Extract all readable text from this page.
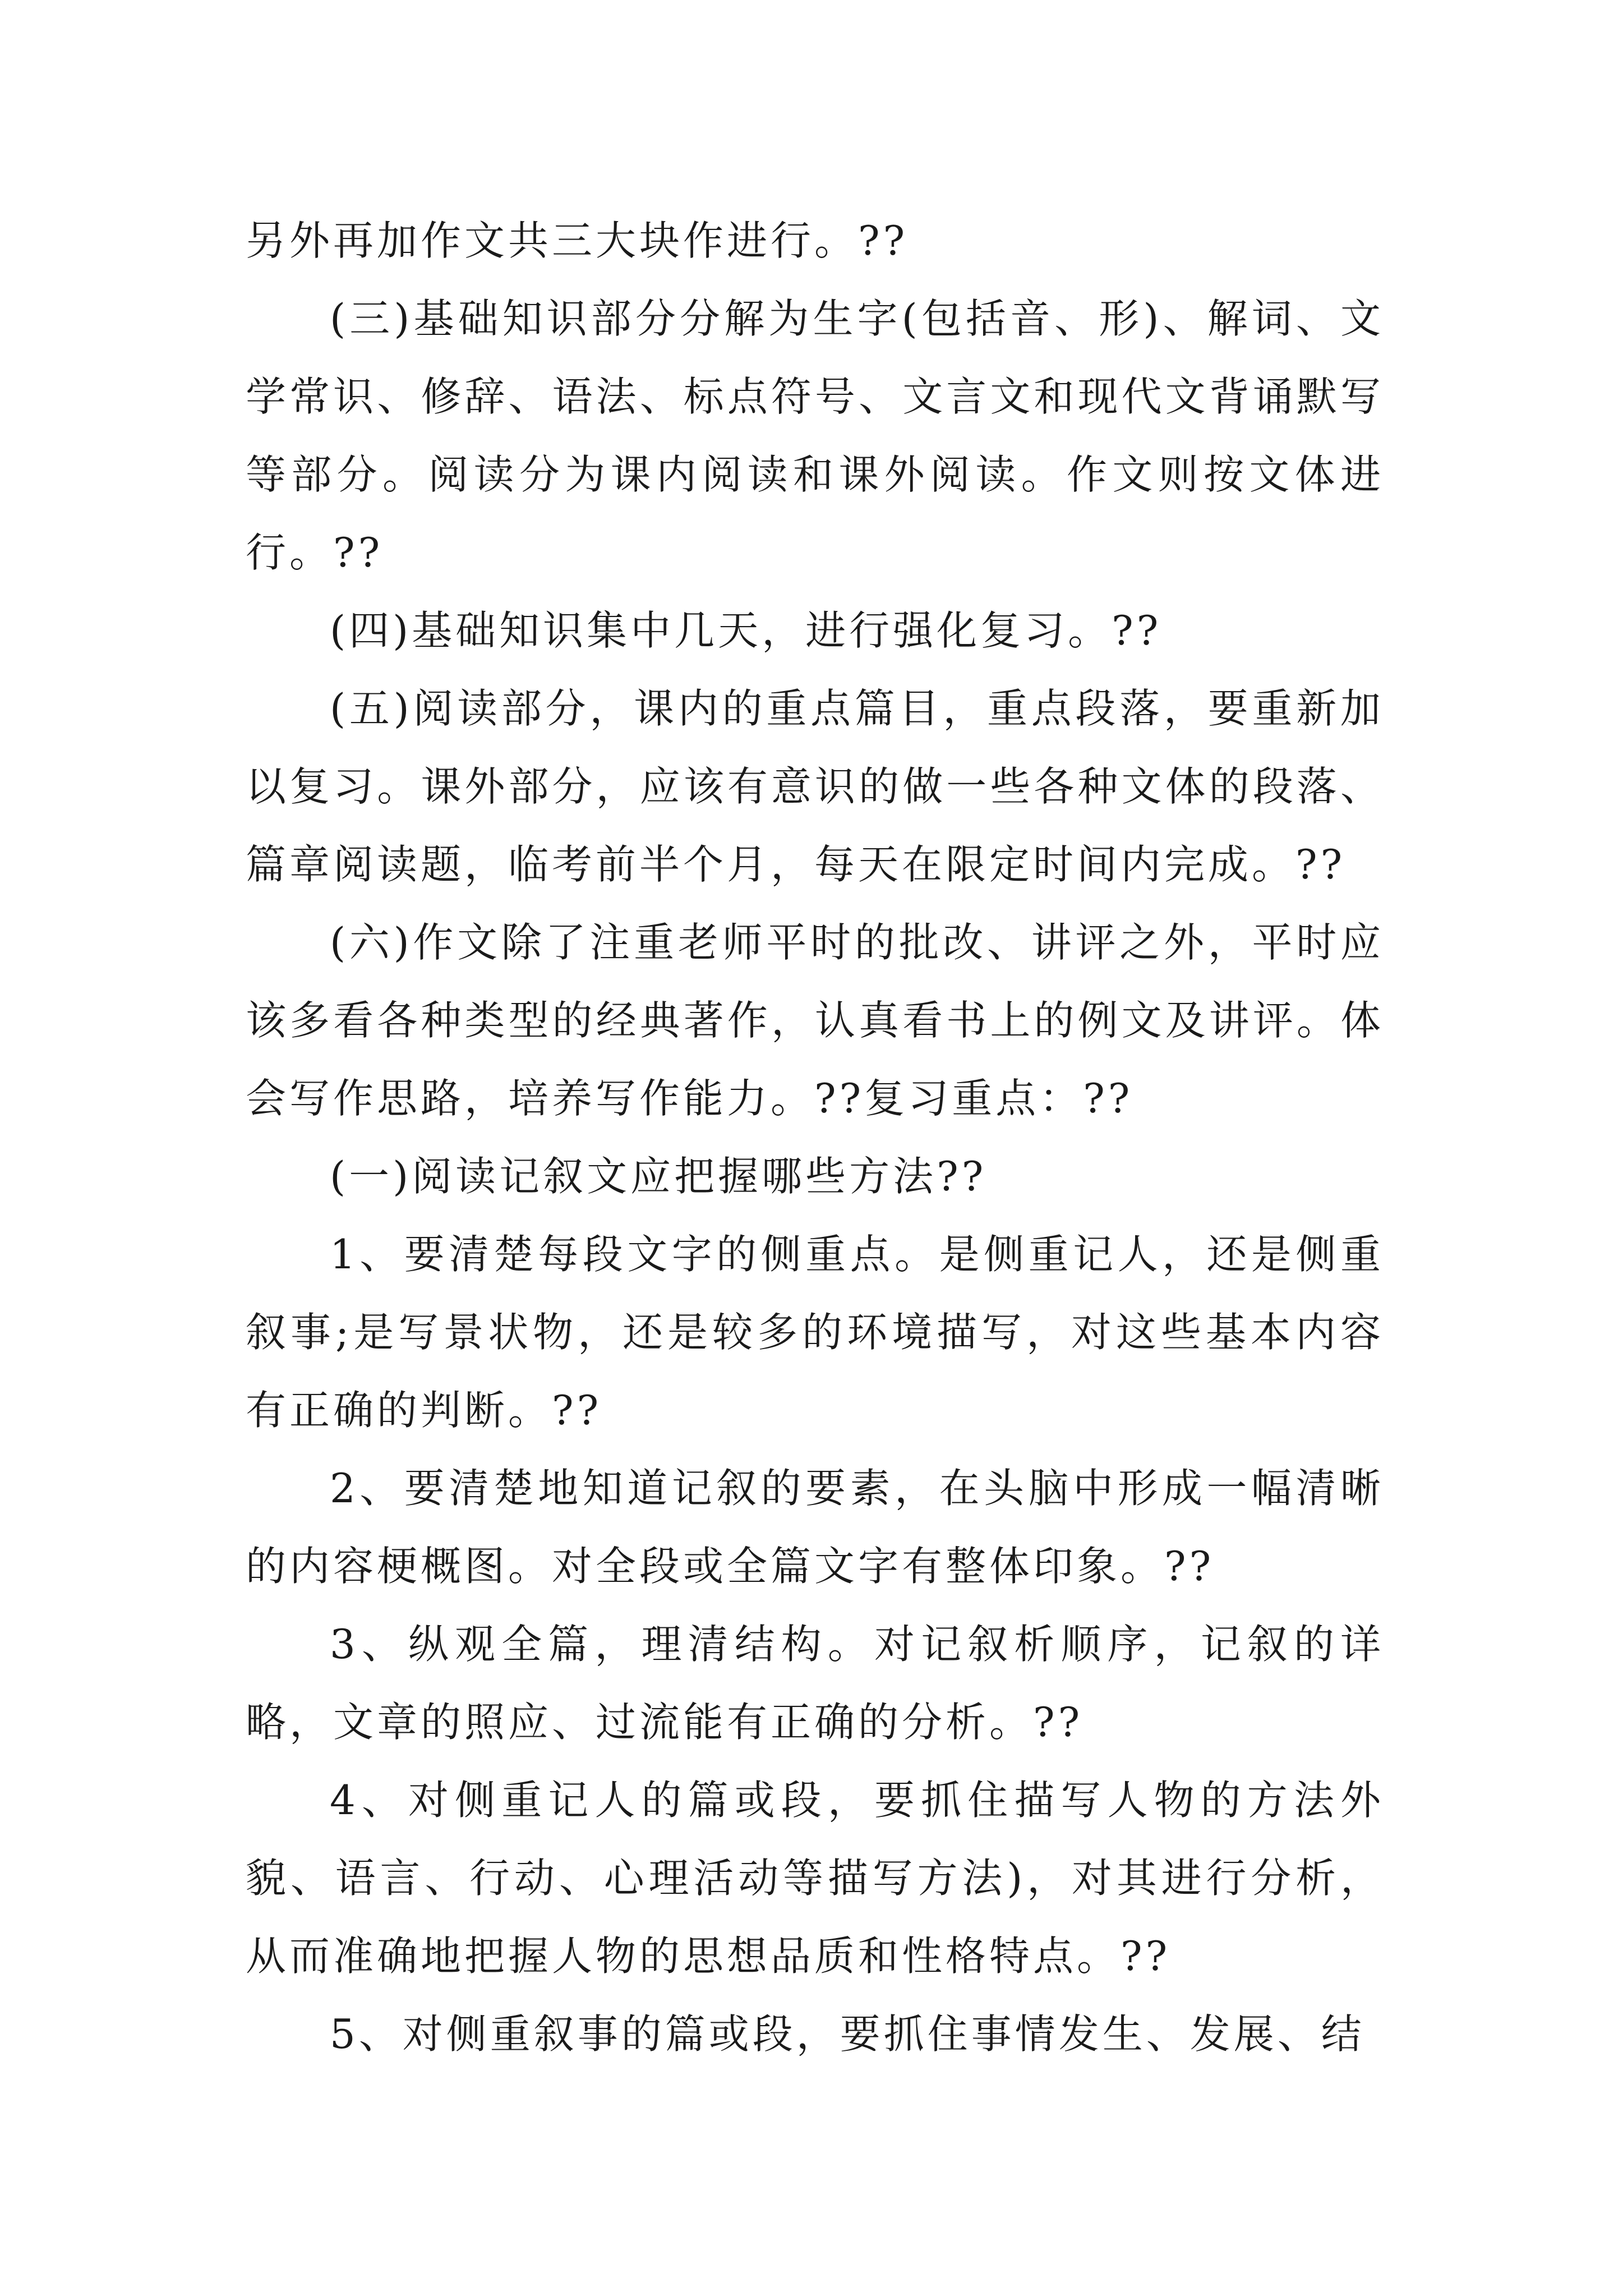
另外再加作文共三大块作进行。??

(三)基础知识部分分解为生字(包括音、形)、解词、文学常识、修辞、语法、标点符号、文言文和现代文背诵默写等部分。阅读分为课内阅读和课外阅读。作文则按文体进行。??

(四)基础知识集中几天，进行强化复习。??

(五)阅读部分，课内的重点篇目，重点段落，要重新加以复习。课外部分，应该有意识的做一些各种文体的段落、篇章阅读题，临考前半个月，每天在限定时间内完成。??

(六)作文除了注重老师平时的批改、讲评之外，平时应该多看各种类型的经典著作，认真看书上的例文及讲评。体会写作思路，培养写作能力。??复习重点：??

(一)阅读记叙文应把握哪些方法??

1、要清楚每段文字的侧重点。是侧重记人，还是侧重叙事;是写景状物，还是较多的环境描写，对这些基本内容有正确的判断。??

2、要清楚地知道记叙的要素，在头脑中形成一幅清晰的内容梗概图。对全段或全篇文字有整体印象。??

3、纵观全篇，理清结构。对记叙析顺序，记叙的详略，文章的照应、过流能有正确的分析。??

4、对侧重记人的篇或段，要抓住描写人物的方法外貌、语言、行动、心理活动等描写方法)，对其进行分析，从而准确地把握人物的思想品质和性格特点。??

5、对侧重叙事的篇或段，要抓住事情发生、发展、结
